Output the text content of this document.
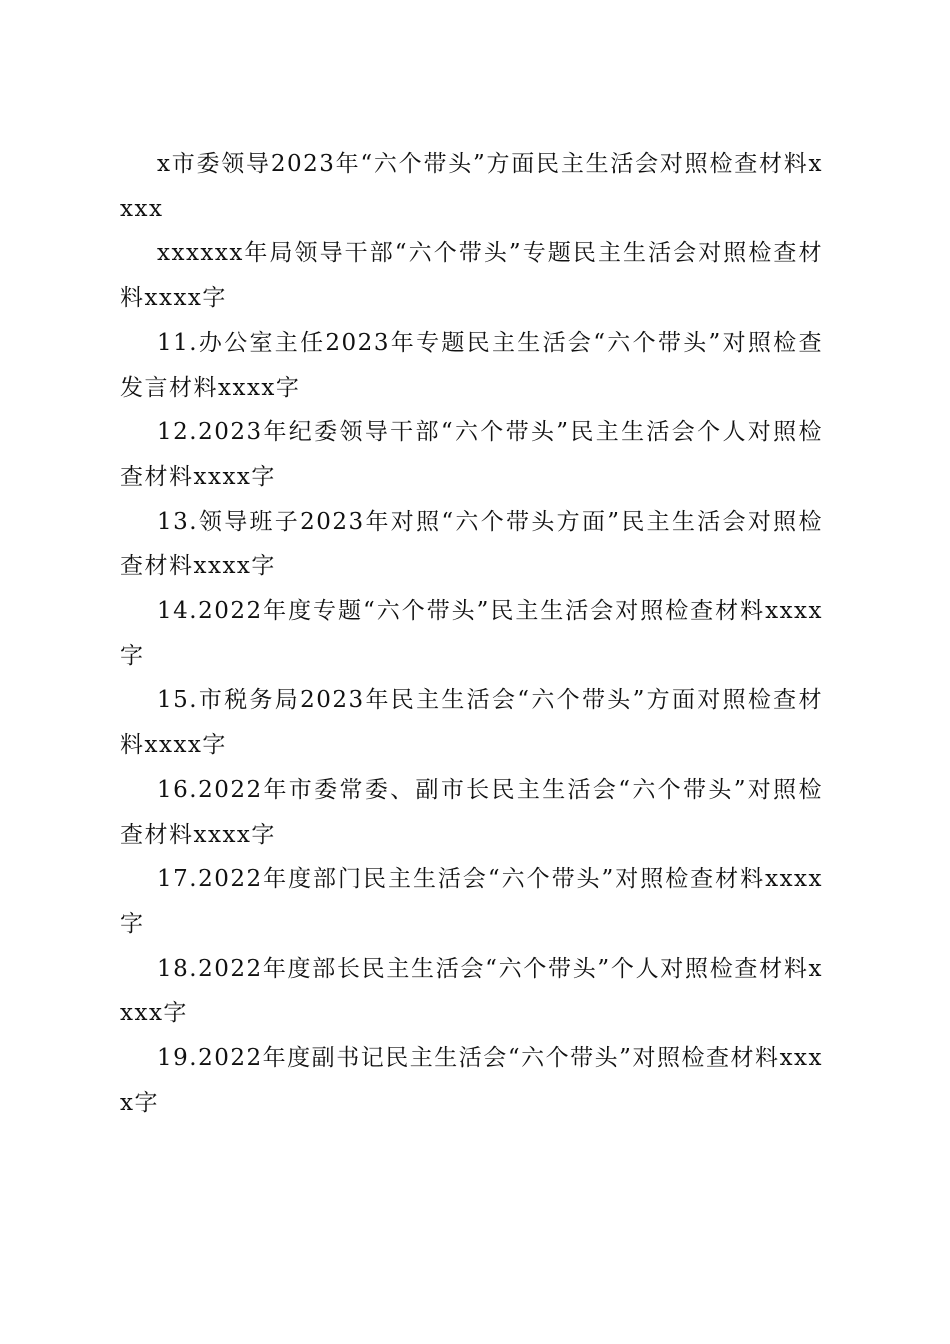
x市委领导2023年“六个带头”方面民主生活会对照检查材料xxxx

xxxxxx年局领导干部“六个带头”专题民主生活会对照检查材料xxxx字

11.办公室主任2023年专题民主生活会“六个带头”对照检查发言材料xxxx字

12.2023年纪委领导干部“六个带头”民主生活会个人对照检查材料xxxx字

13.领导班子2023年对照“六个带头方面”民主生活会对照检查材料xxxx字

14.2022年度专题“六个带头”民主生活会对照检查材料xxxx字

15.市税务局2023年民主生活会“六个带头”方面对照检查材料xxxx字

16.2022年市委常委、副市长民主生活会“六个带头”对照检查材料xxxx字

17.2022年度部门民主生活会“六个带头”对照检查材料xxxx字

18.2022年度部长民主生活会“六个带头”个人对照检查材料xxxx字

19.2022年度副书记民主生活会“六个带头”对照检查材料xxxx字
